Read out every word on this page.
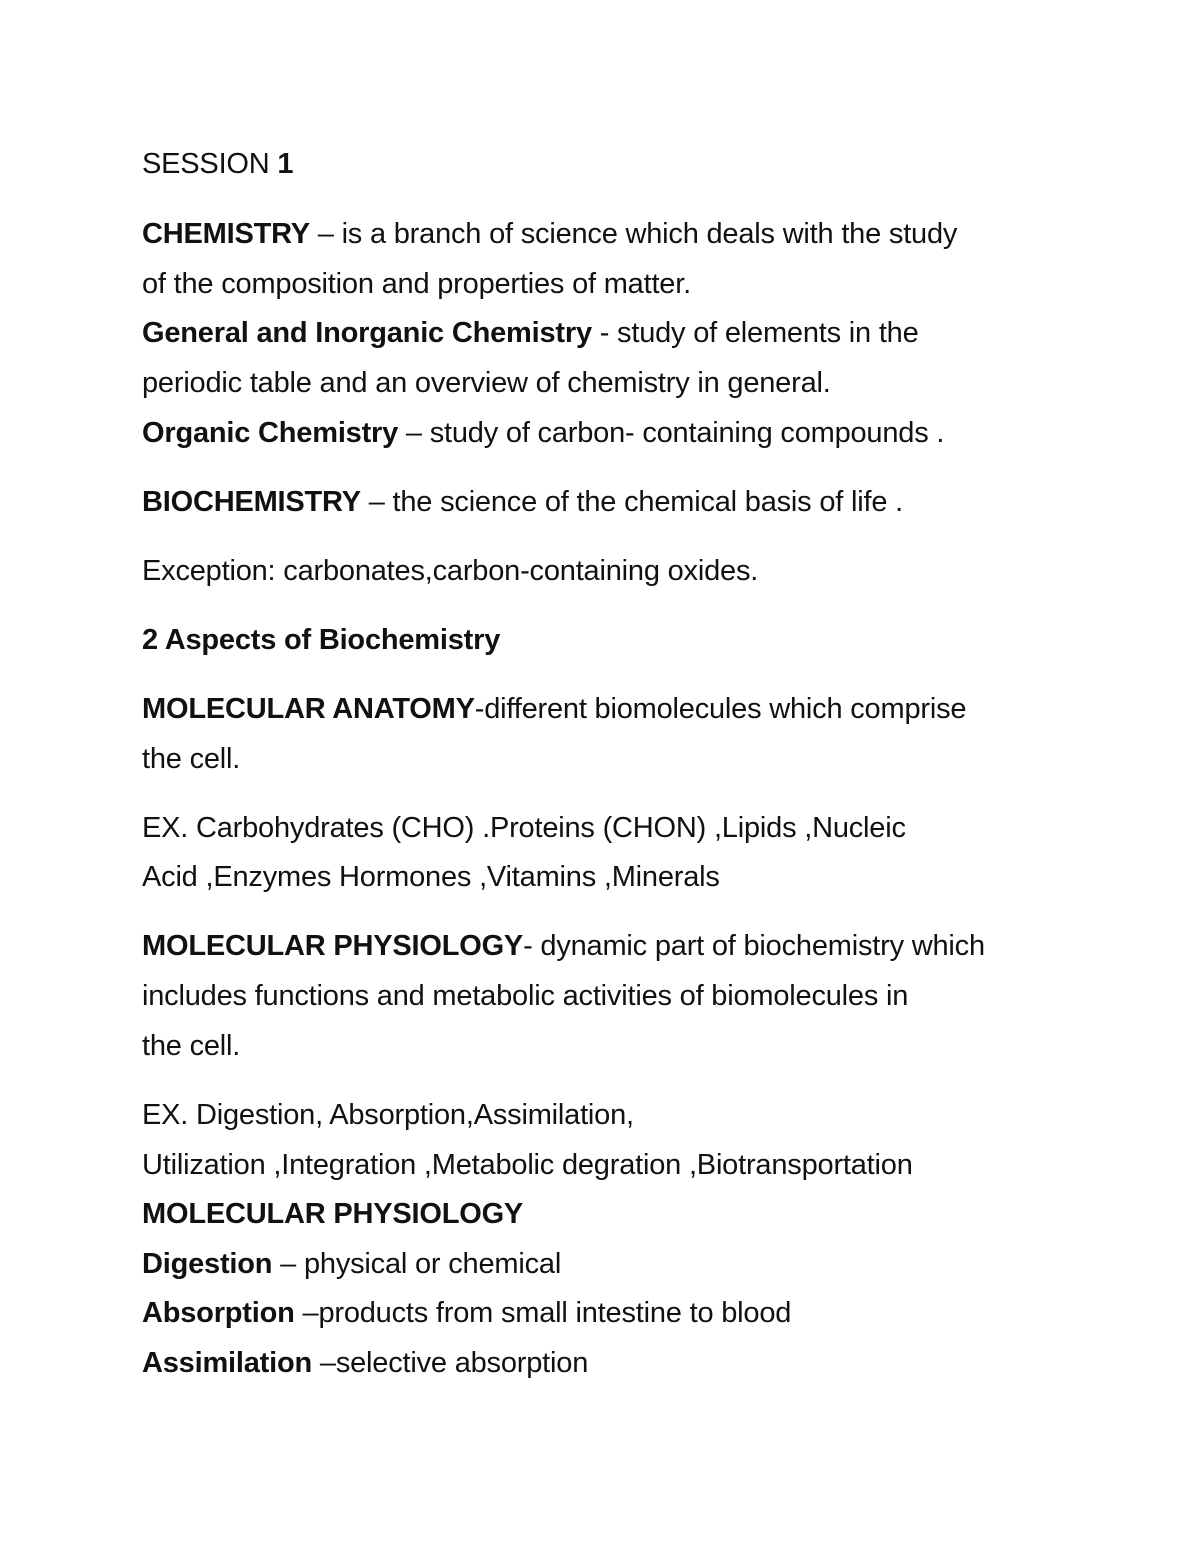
SESSION 1
CHEMISTRY – is a branch of science which deals with the study
of the composition and properties of matter.
General and Inorganic Chemistry - study of elements in the
periodic table and an overview of chemistry in general.
Organic Chemistry – study of carbon- containing compounds .
BIOCHEMISTRY – the science of the chemical basis of life .
Exception: carbonates,carbon-containing oxides.
2 Aspects of Biochemistry
MOLECULAR ANATOMY-different biomolecules which comprise
the cell.
EX. Carbohydrates (CHO) .Proteins (CHON) ,Lipids ,Nucleic
Acid ,Enzymes Hormones ,Vitamins ,Minerals
MOLECULAR PHYSIOLOGY- dynamic part of biochemistry which
includes functions and metabolic activities of biomolecules in
the cell.
EX. Digestion, Absorption,Assimilation,
Utilization ,Integration ,Metabolic degration ,Biotransportation
MOLECULAR PHYSIOLOGY
Digestion – physical or chemical
Absorption –products from small intestine to blood
Assimilation –selective absorption
